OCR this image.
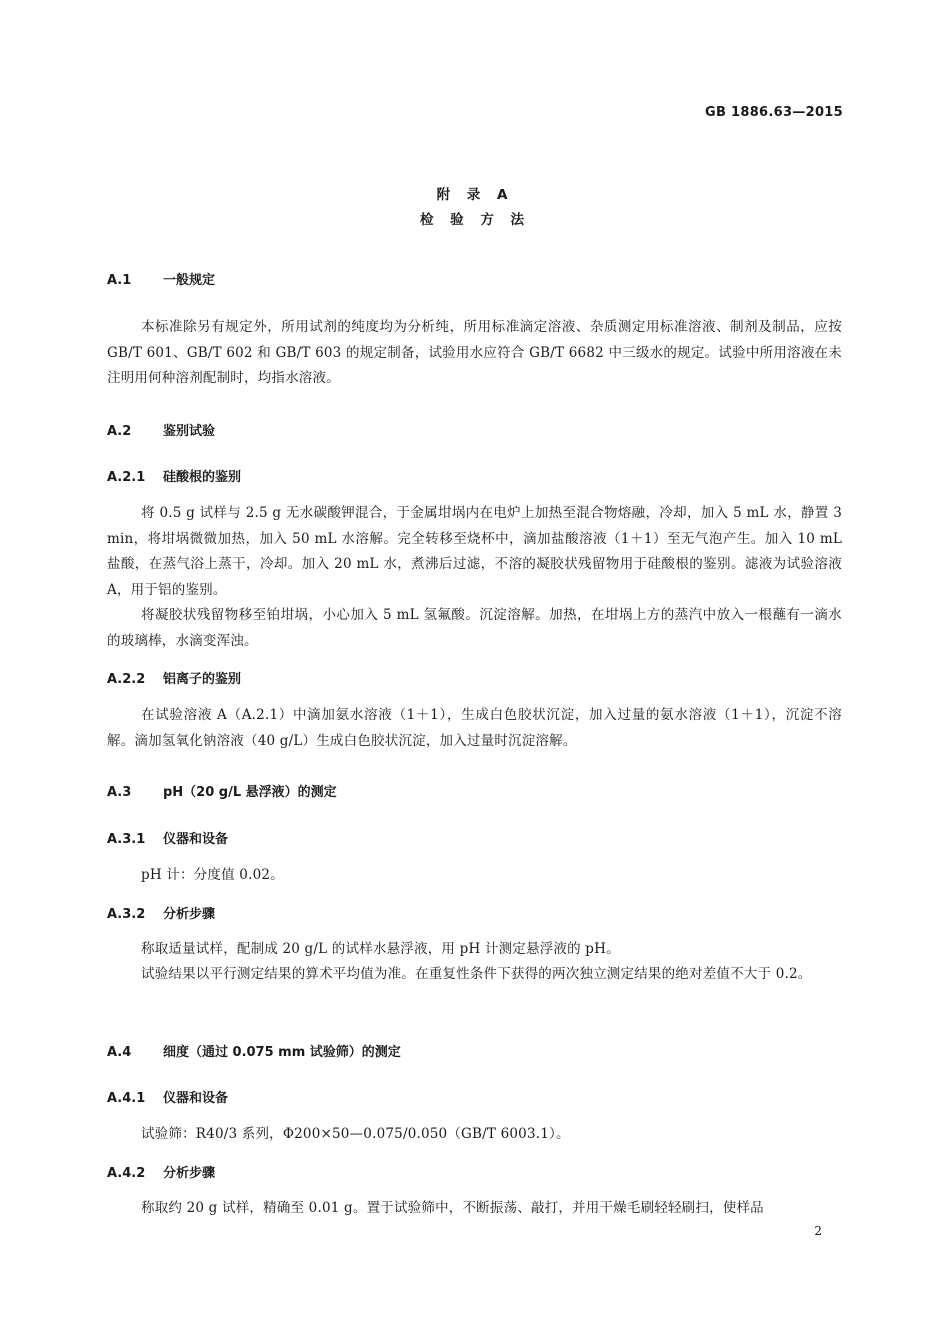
GB 1886.63—2015
附 录 A
检 验 方 法
A.1 一般规定
本标准除另有规定外，所用试剂的纯度均为分析纯，所用标准滴定溶液、杂质测定用标准溶液、制剂及制品，应按 GB/T 601、GB/T 602 和 GB/T 603 的规定制备，试验用水应符合 GB/T 6682 中三级水的规定。试验中所用溶液在未注明用何种溶剂配制时，均指水溶液。
A.2 鉴别试验
A.2.1 硅酸根的鉴别
将 0.5 g 试样与 2.5 g 无水碳酸钾混合，于金属坩埚内在电炉上加热至混合物熔融，冷却，加入 5 mL 水，静置 3 min，将坩埚微微加热，加入 50 mL 水溶解。完全转移至烧杯中，滴加盐酸溶液（1＋1）至无气泡产生。加入 10 mL 盐酸，在蒸气浴上蒸干，冷却。加入 20 mL 水，煮沸后过滤，不溶的凝胶状残留物用于硅酸根的鉴别。滤液为试验溶液 A，用于铝的鉴别。
将凝胶状残留物移至铂坩埚，小心加入 5 mL 氢氟酸。沉淀溶解。加热，在坩埚上方的蒸汽中放入一根蘸有一滴水的玻璃棒，水滴变浑浊。
A.2.2 铝离子的鉴别
在试验溶液 A（A.2.1）中滴加氨水溶液（1＋1），生成白色胶状沉淀，加入过量的氨水溶液（1＋1），沉淀不溶解。滴加氢氧化钠溶液（40 g/L）生成白色胶状沉淀，加入过量时沉淀溶解。
A.3 pH（20 g/L 悬浮液）的测定
A.3.1 仪器和设备
pH 计：分度值 0.02。
A.3.2 分析步骤
称取适量试样，配制成 20 g/L 的试样水悬浮液，用 pH 计测定悬浮液的 pH。
试验结果以平行测定结果的算术平均值为准。在重复性条件下获得的两次独立测定结果的绝对差值不大于 0.2。
A.4 细度（通过 0.075 mm 试验筛）的测定
A.4.1 仪器和设备
试验筛：R40/3 系列，Φ200×50—0.075/0.050（GB/T 6003.1）。
A.4.2 分析步骤
称取约 20 g 试样，精确至 0.01 g。置于试验筛中，不断振荡、敲打，并用干燥毛刷轻轻刷扫，使样品
2
